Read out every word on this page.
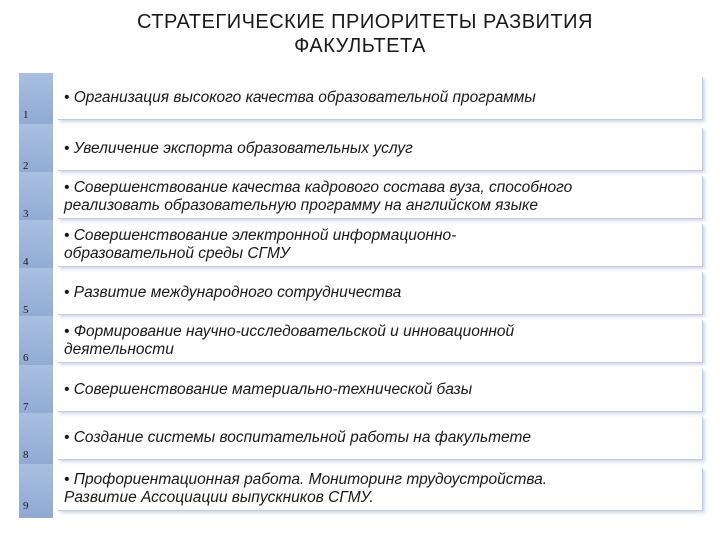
СТРАТЕГИЧЕСКИЕ ПРИОРИТЕТЫ РАЗВИТИЯ
ФАКУЛЬТЕТА
1
• Организация высокого качества образовательной программы
2
• Увеличение экспорта образовательных услуг
3
• Совершенствование качества кадрового состава вуза, способного
реализовать образовательную программу на английском языке
4
• Совершенствование электронной информационно-
образовательной среды СГМУ
5
• Развитие международного сотрудничества
6
• Формирование научно-исследовательской и инновационной
деятельности
7
• Совершенствование материально-технической базы
8
• Создание системы воспитательной работы на факультете
9
• Профориентационная работа. Мониторинг трудоустройства.
Развитие Ассоциации выпускников СГМУ.
